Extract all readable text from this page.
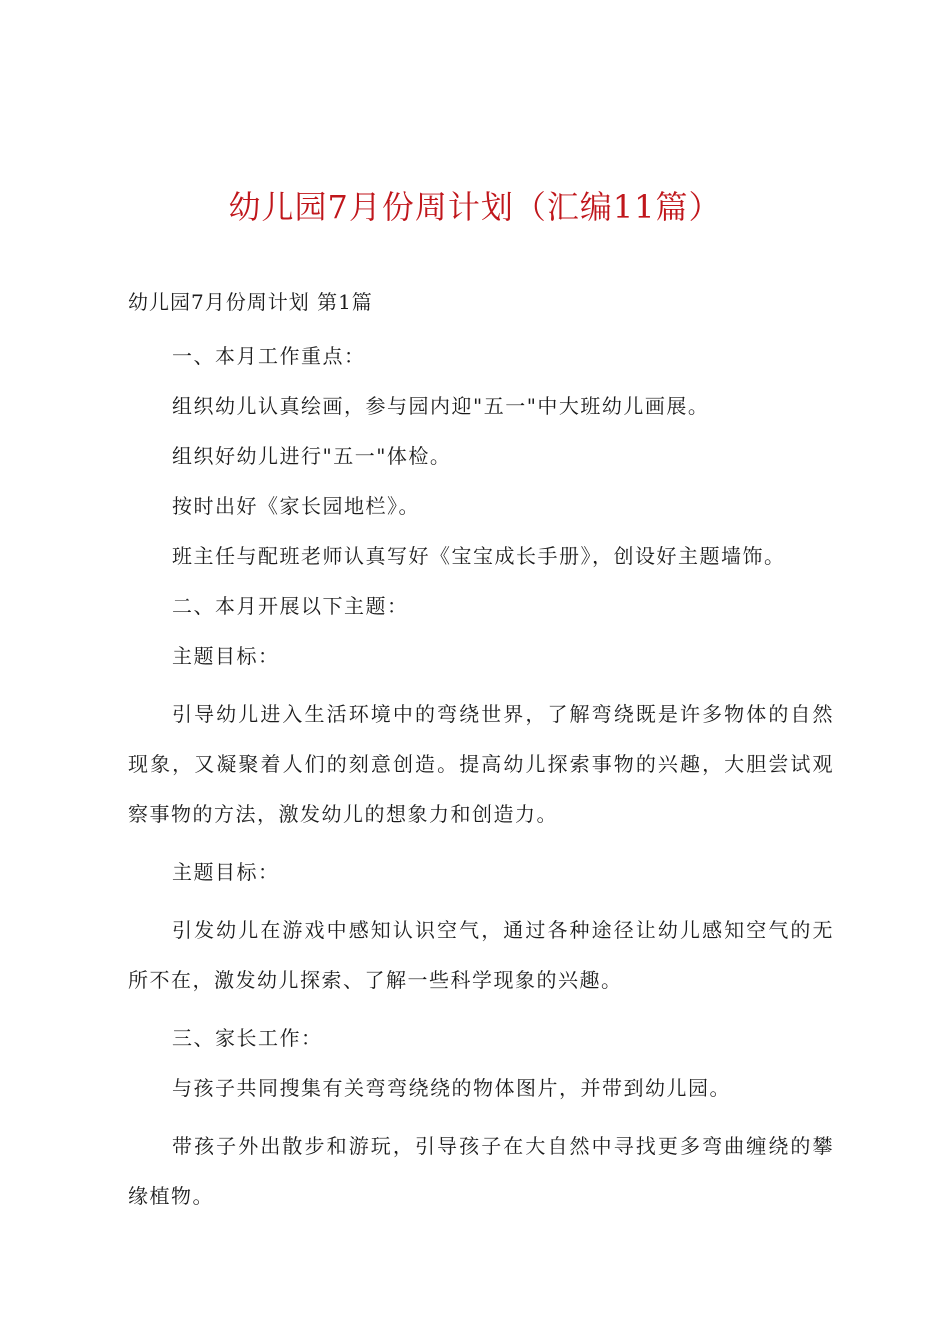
幼儿园7月份周计划（汇编11篇）
幼儿园7月份周计划 第1篇

一、本月工作重点：

组织幼儿认真绘画，参与园内迎"五一"中大班幼儿画展。

组织好幼儿进行"五一"体检。

按时出好《家长园地栏》。

班主任与配班老师认真写好《宝宝成长手册》，创设好主题墙饰。

二、本月开展以下主题：

主题目标：

引导幼儿进入生活环境中的弯绕世界，了解弯绕既是许多物体的自然现象，又凝聚着人们的刻意创造。提高幼儿探索事物的兴趣，大胆尝试观察事物的方法，激发幼儿的想象力和创造力。

主题目标：

引发幼儿在游戏中感知认识空气，通过各种途径让幼儿感知空气的无所不在，激发幼儿探索、了解一些科学现象的兴趣。

三、家长工作：

与孩子共同搜集有关弯弯绕绕的物体图片，并带到幼儿园。

带孩子外出散步和游玩，引导孩子在大自然中寻找更多弯曲缠绕的攀缘植物。
